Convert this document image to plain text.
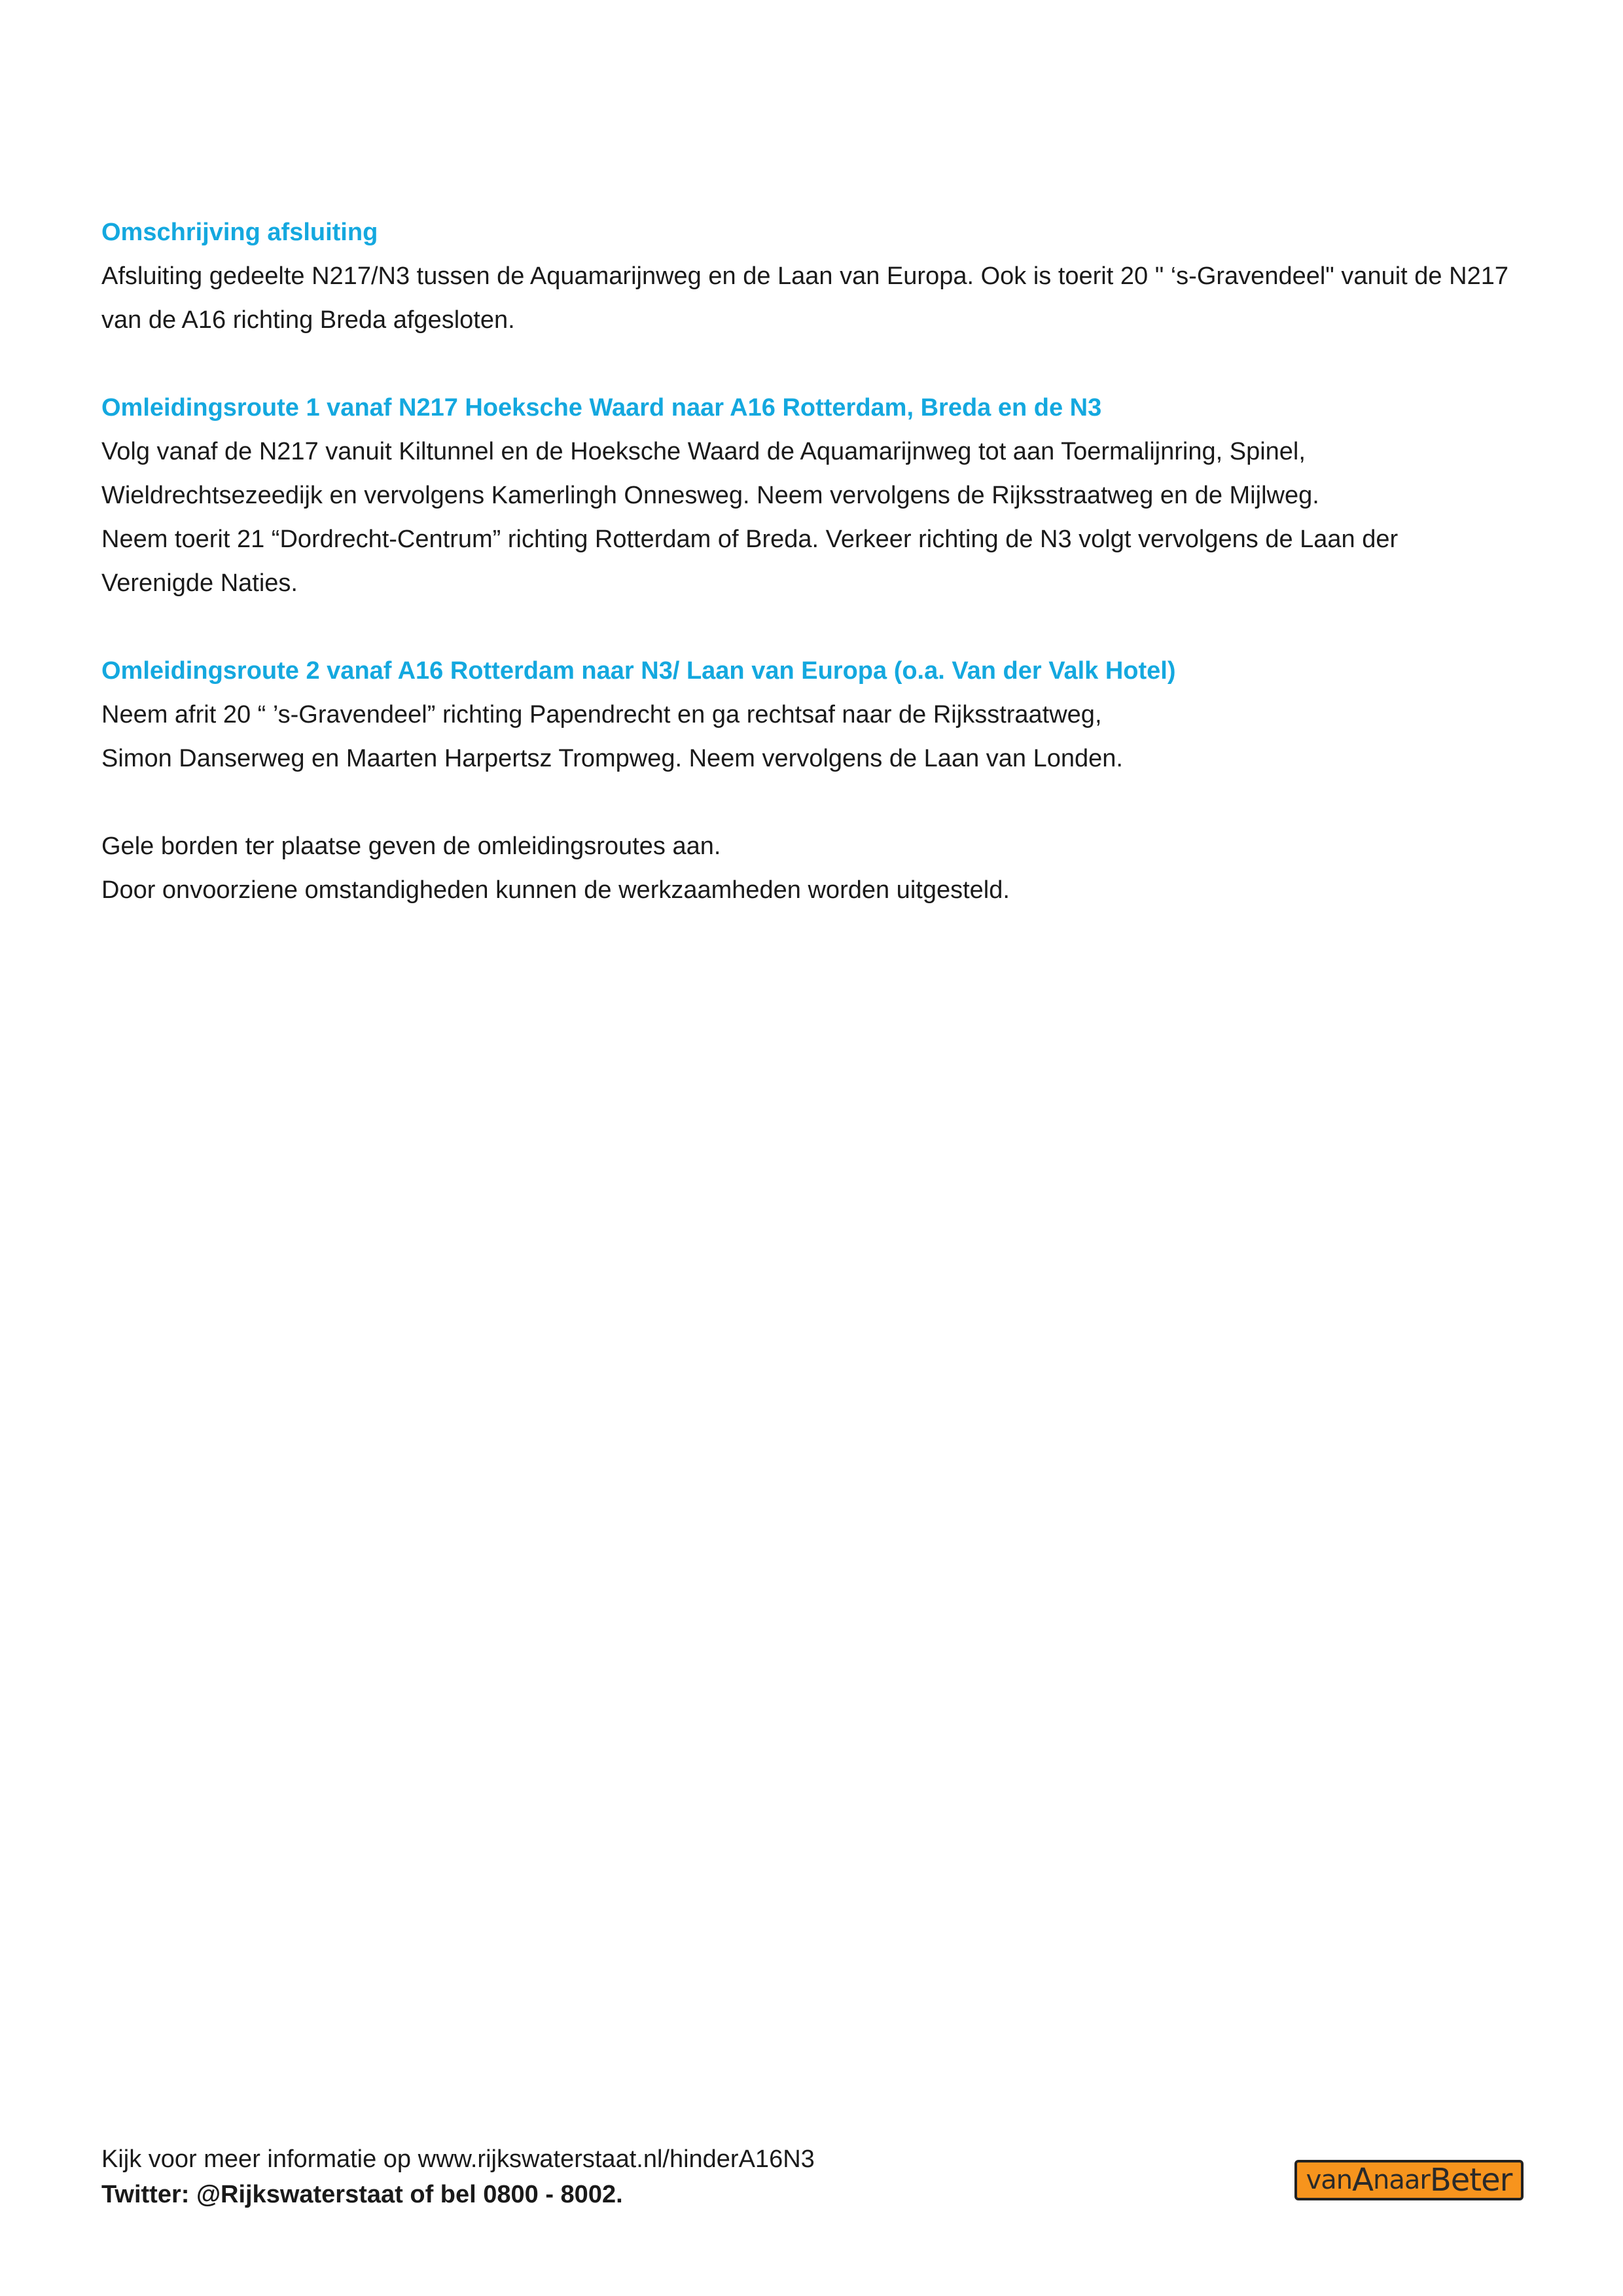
Omschrijving afsluiting

Afsluiting gedeelte N217/N3 tussen de Aquamarijnweg en de Laan van Europa. Ook is toerit 20 " ‘s-Gravendeel" vanuit de N217

van de A16 richting Breda afgesloten.

Omleidingsroute 1 vanaf N217 Hoeksche Waard naar A16 Rotterdam, Breda en de N3

Volg vanaf de N217 vanuit Kiltunnel en de Hoeksche Waard de Aquamarijnweg tot aan Toermalijnring, Spinel,

Wieldrechtsezeedijk en vervolgens Kamerlingh Onnesweg. Neem vervolgens de Rijksstraatweg en de Mijlweg.

Neem toerit 21 “Dordrecht-Centrum” richting Rotterdam of Breda. Verkeer richting de N3 volgt vervolgens de Laan der

Verenigde Naties.

Omleidingsroute 2 vanaf A16 Rotterdam naar N3/ Laan van Europa (o.a. Van der Valk Hotel)

Neem afrit 20 “ ’s-Gravendeel” richting Papendrecht en ga rechtsaf naar de Rijksstraatweg,

Simon Danserweg en Maarten Harpertsz Trompweg. Neem vervolgens de Laan van Londen.

Gele borden ter plaatse geven de omleidingsroutes aan.

Door onvoorziene omstandigheden kunnen de werkzaamheden worden uitgesteld.

Kijk voor meer informatie op www.rijkswaterstaat.nl/hinderA16N3
Twitter: @Rijkswaterstaat of bel 0800 - 8002.	van A naar Beter
